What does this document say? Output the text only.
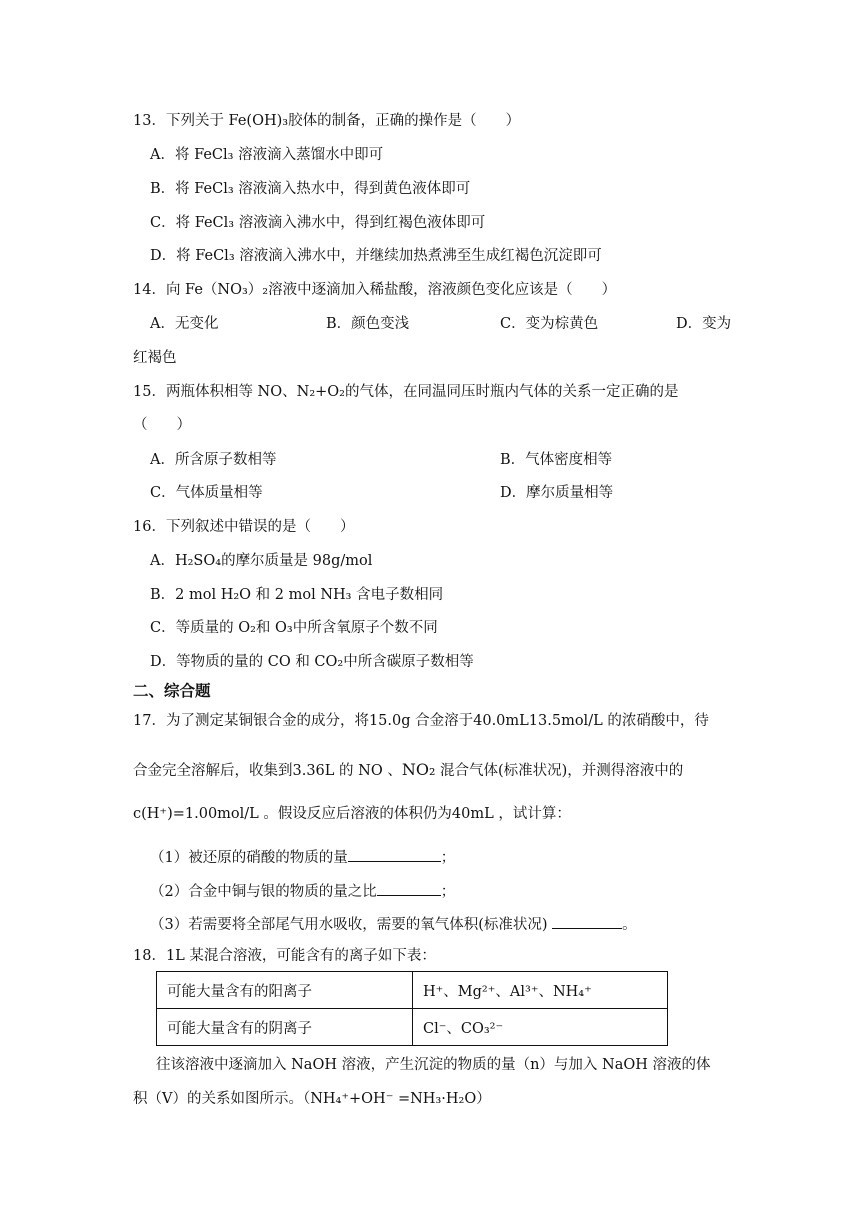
13．下列关于 Fe(OH)₃胶体的制备，正确的操作是（　　）
A．将 FeCl₃ 溶液滴入蒸馏水中即可
B．将 FeCl₃ 溶液滴入热水中，得到黄色液体即可
C．将 FeCl₃ 溶液滴入沸水中，得到红褐色液体即可
D．将 FeCl₃ 溶液滴入沸水中，并继续加热煮沸至生成红褐色沉淀即可
14．向 Fe（NO₃）₂溶液中逐滴加入稀盐酸，溶液颜色变化应该是（　　）
A．无变化	B．颜色变浅	C．变为棕黄色	D．变为
红褐色
15．两瓶体积相等 NO、N₂+O₂的气体，在同温同压时瓶内气体的关系一定正确的是
（　　）
A．所含原子数相等	B．气体密度相等
C．气体质量相等	D．摩尔质量相等
16．下列叙述中错误的是（　　）
A．H₂SO₄的摩尔质量是 98g/mol
B．2 mol H₂O 和 2 mol NH₃ 含电子数相同
C．等质量的 O₂和 O₃中所含氧原子个数不同
D．等物质的量的 CO 和 CO₂中所含碳原子数相等
二、综合题
17．为了测定某铜银合金的成分，将15.0g 合金溶于40.0mL13.5mol/L 的浓硝酸中，待
合金完全溶解后，收集到3.36L 的 NO 、NO₂ 混合气体(标准状况)，并测得溶液中的
c(H⁺)=1.00mol/L 。假设反应后溶液的体积仍为40mL ，试计算：
（1）被还原的硝酸的物质的量	；
（2）合金中铜与银的物质的量之比	；
（3）若需要将全部尾气用水吸收，需要的氧气体积(标准状况)	。
18．1L 某混合溶液，可能含有的离子如下表：
可能大量含有的阳离子	H⁺、Mg²⁺、Al³⁺、NH₄⁺
可能大量含有的阴离子	Cl⁻、CO₃²⁻
往该溶液中逐滴加入 NaOH 溶液，产生沉淀的物质的量（n）与加入 NaOH 溶液的体
积（V）的关系如图所示。（NH₄⁺+OH⁻ =NH₃·H₂O）
